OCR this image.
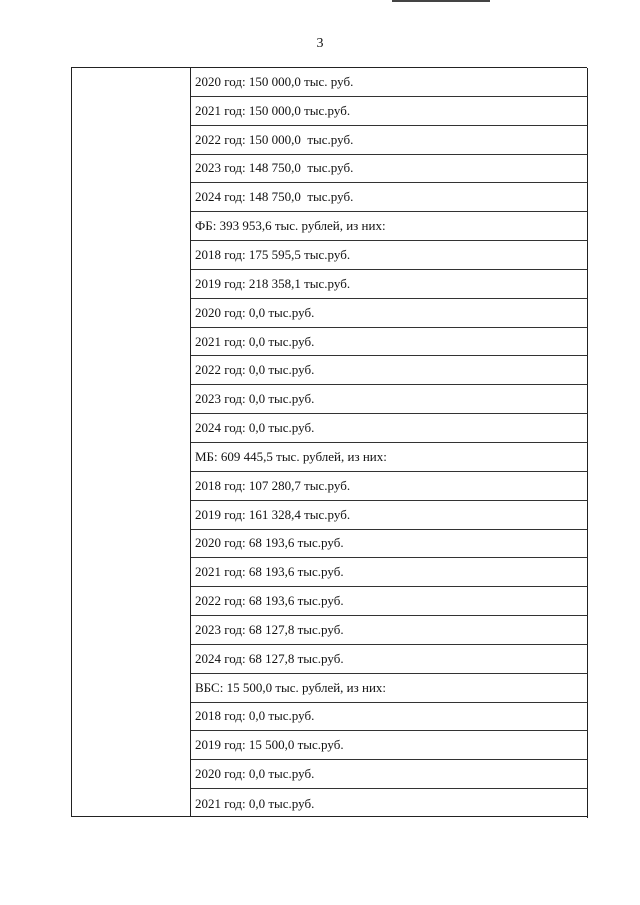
3
2020 год: 150 000,0 тыс. руб.
2021 год: 150 000,0 тыс.руб.
2022 год: 150 000,0  тыс.руб.
2023 год: 148 750,0  тыс.руб.
2024 год: 148 750,0  тыс.руб.
ФБ: 393 953,6 тыс. рублей, из них:
2018 год: 175 595,5 тыс.руб.
2019 год: 218 358,1 тыс.руб.
2020 год: 0,0 тыс.руб.
2021 год: 0,0 тыс.руб.
2022 год: 0,0 тыс.руб.
2023 год: 0,0 тыс.руб.
2024 год: 0,0 тыс.руб.
МБ: 609 445,5 тыс. рублей, из них:
2018 год: 107 280,7 тыс.руб.
2019 год: 161 328,4 тыс.руб.
2020 год: 68 193,6 тыс.руб.
2021 год: 68 193,6 тыс.руб.
2022 год: 68 193,6 тыс.руб.
2023 год: 68 127,8 тыс.руб.
2024 год: 68 127,8 тыс.руб.
ВБС: 15 500,0 тыс. рублей, из них:
2018 год: 0,0 тыс.руб.
2019 год: 15 500,0 тыс.руб.
2020 год: 0,0 тыс.руб.
2021 год: 0,0 тыс.руб.
